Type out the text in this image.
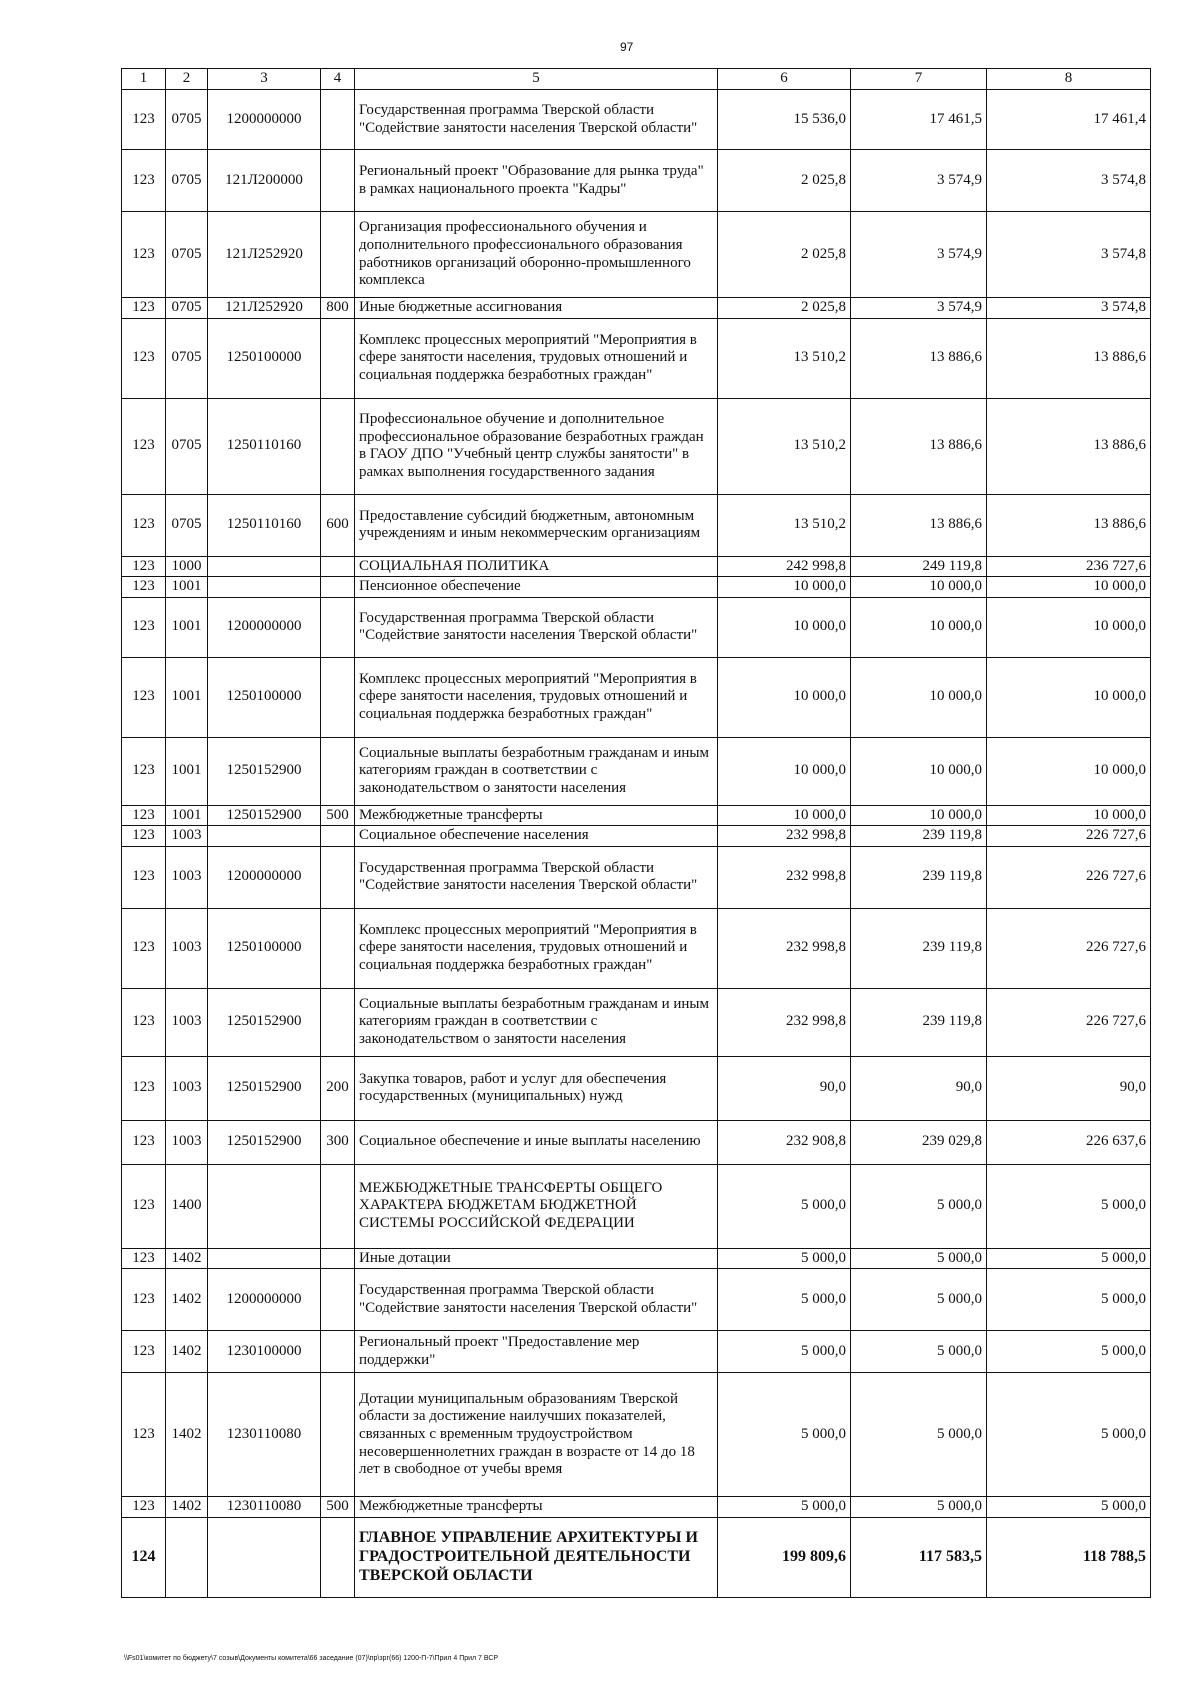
97
1	2	3	4	5	6	7	8
123	0705	1200000000		Государственная программа Тверской области "Содействие занятости населения Тверской области"	15 536,0	17 461,5	17 461,4
123	0705	121Л200000		Региональный проект "Образование для рынка труда" в рамках национального проекта "Кадры"	2 025,8	3 574,9	3 574,8
123	0705	121Л252920		Организация профессионального обучения и дополнительного профессионального образования работников организаций оборонно-промышленного комплекса	2 025,8	3 574,9	3 574,8
123	0705	121Л252920	800	Иные бюджетные ассигнования	2 025,8	3 574,9	3 574,8
123	0705	1250100000		Комплекс процессных мероприятий "Мероприятия в сфере занятости населения, трудовых отношений и социальная поддержка безработных граждан"	13 510,2	13 886,6	13 886,6
123	0705	1250110160		Профессиональное обучение и дополнительное профессиональное образование безработных граждан в ГАОУ ДПО "Учебный центр службы занятости" в рамках выполнения государственного задания	13 510,2	13 886,6	13 886,6
123	0705	1250110160	600	Предоставление субсидий бюджетным, автономным учреждениям и иным некоммерческим организациям	13 510,2	13 886,6	13 886,6
123	1000			СОЦИАЛЬНАЯ ПОЛИТИКА	242 998,8	249 119,8	236 727,6
123	1001			Пенсионное обеспечение	10 000,0	10 000,0	10 000,0
123	1001	1200000000		Государственная программа Тверской области "Содействие занятости населения Тверской области"	10 000,0	10 000,0	10 000,0
123	1001	1250100000		Комплекс процессных мероприятий "Мероприятия в сфере занятости населения, трудовых отношений и социальная поддержка безработных граждан"	10 000,0	10 000,0	10 000,0
123	1001	1250152900		Социальные выплаты безработным гражданам и иным категориям граждан в соответствии с законодательством о занятости населения	10 000,0	10 000,0	10 000,0
123	1001	1250152900	500	Межбюджетные трансферты	10 000,0	10 000,0	10 000,0
123	1003			Социальное обеспечение населения	232 998,8	239 119,8	226 727,6
123	1003	1200000000		Государственная программа Тверской области "Содействие занятости населения Тверской области"	232 998,8	239 119,8	226 727,6
123	1003	1250100000		Комплекс процессных мероприятий "Мероприятия в сфере занятости населения, трудовых отношений и социальная поддержка безработных граждан"	232 998,8	239 119,8	226 727,6
123	1003	1250152900		Социальные выплаты безработным гражданам и иным категориям граждан в соответствии с законодательством о занятости населения	232 998,8	239 119,8	226 727,6
123	1003	1250152900	200	Закупка товаров, работ и услуг для обеспечения государственных (муниципальных) нужд	90,0	90,0	90,0
123	1003	1250152900	300	Социальное обеспечение и иные выплаты населению	232 908,8	239 029,8	226 637,6
123	1400			МЕЖБЮДЖЕТНЫЕ ТРАНСФЕРТЫ ОБЩЕГО ХАРАКТЕРА БЮДЖЕТАМ БЮДЖЕТНОЙ СИСТЕМЫ РОССИЙСКОЙ ФЕДЕРАЦИИ	5 000,0	5 000,0	5 000,0
123	1402			Иные дотации	5 000,0	5 000,0	5 000,0
123	1402	1200000000		Государственная программа Тверской области "Содействие занятости населения Тверской области"	5 000,0	5 000,0	5 000,0
123	1402	1230100000		Региональный проект "Предоставление мер поддержки"	5 000,0	5 000,0	5 000,0
123	1402	1230110080		Дотации муниципальным образованиям Тверской области за достижение наилучших показателей, связанных с временным трудоустройством несовершеннолетних граждан в возрасте от 14 до 18 лет в свободное от учебы время	5 000,0	5 000,0	5 000,0
123	1402	1230110080	500	Межбюджетные трансферты	5 000,0	5 000,0	5 000,0
124				ГЛАВНОЕ УПРАВЛЕНИЕ АРХИТЕКТУРЫ И ГРАДОСТРОИТЕЛЬНОЙ ДЕЯТЕЛЬНОСТИ ТВЕРСКОЙ ОБЛАСТИ	199 809,6	117 583,5	118 788,5
\\Fs01\комитет по бюджету\7 созыв\Документы комитета\66 заседание (07)\пр\зрг(66) 1200-П-7\Прил 4 Прил 7 ВСР
